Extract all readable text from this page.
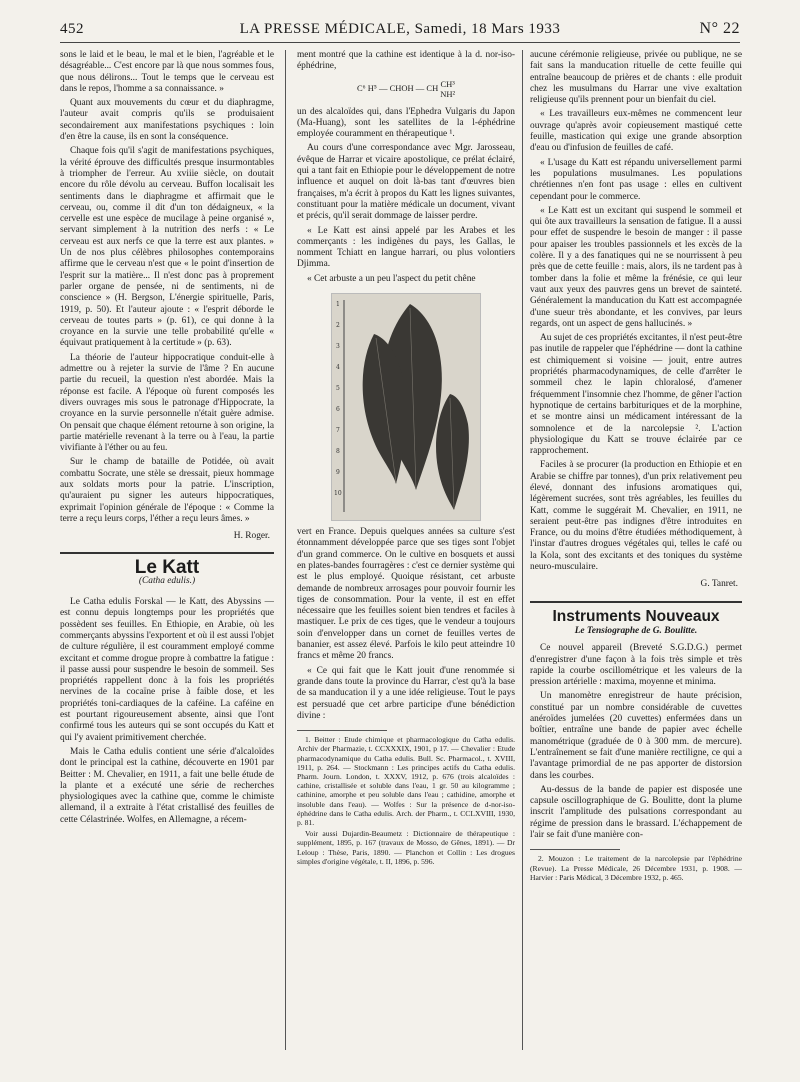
452	LA PRESSE MÉDICALE, Samedi, 18 Mars 1933	N° 22

sons le laid et le beau, le mal et le bien, l'agréable et le désagréable... C'est encore par là que nous sommes fous, que nous délirons... Tout le temps que le cerveau est dans le repos, l'homme a sa connaissance. »

Quant aux mouvements du cœur et du diaphragme, l'auteur avait compris qu'ils se produisaient secondairement aux manifestations psychiques : loin d'en être la cause, ils en sont la conséquence.

Chaque fois qu'il s'agit de manifestations psychiques, la vérité éprouve des difficultés presque insurmontables à triompher de l'erreur. Au xviiie siècle, on doutait encore du rôle dévolu au cerveau. Buffon localisait les sentiments dans le diaphragme et affirmait que le cerveau, ou, comme il dit d'un ton dédaigneux, « la cervelle est une espèce de mucilage à peine organisé », servant simplement à la nutrition des nerfs : « Le cerveau est aux nerfs ce que la terre est aux plantes. » Un de nos plus célèbres philosophes contemporains affirme que le cerveau n'est que « le point d'insertion de l'esprit sur la matière... Il n'est donc pas à proprement parler organe de pensée, ni de sentiments, ni de conscience » (H. Bergson, L'énergie spirituelle, Paris, 1919, p. 50). Et l'auteur ajoute : « l'esprit déborde le cerveau de toutes parts » (p. 61), ce qui donne à la croyance en la survie une telle probabilité qu'elle « équivaut pratiquement à la certitude » (p. 63).

La théorie de l'auteur hippocratique conduit-elle à admettre ou à rejeter la survie de l'âme ? En aucune partie du recueil, la question n'est abordée. Mais la réponse est facile. A l'époque où furent composés les divers ouvrages mis sous le patronage d'Hippocrate, la croyance en la survie personnelle n'était guère admise. On pensait que chaque élément retourne à son origine, la partie matérielle revenant à la terre ou à l'eau, la partie vivifiante à l'éther ou au feu.

Sur le champ de bataille de Potidée, où avait combattu Socrate, une stèle se dressait, pieux hommage aux soldats morts pour la patrie. L'inscription, qu'auraient pu signer les auteurs hippocratiques, exprimait l'opinion générale de l'époque : « Comme la terre a reçu leurs corps, l'éther a reçu leurs âmes. »

H. Roger.

Le Katt

(Catha edulis.)

Le Catha edulis Forskal — le Katt, des Abyssins — est connu depuis longtemps pour les propriétés que possèdent ses feuilles. En Ethiopie, en Arabie, où les commerçants abyssins l'exportent et où il est aussi l'objet de culture régulière, il est couramment employé comme excitant et comme drogue propre à combattre la fatigue : il passe aussi pour suspendre le besoin de sommeil. Ses propriétés rappellent donc à la fois les propriétés nervines de la cocaïne prise à faible dose, et les propriétés toni-cardiaques de la caféine. La caféine en est pourtant rigoureusement absente, ainsi que l'ont confirmé tous les auteurs qui se sont occupés du Katt et qui l'y avaient primitivement cherchée.

Mais le Catha edulis contient une série d'alcaloïdes dont le principal est la cathine, découverte en 1901 par Beitter : M. Chevalier, en 1911, a fait une belle étude de la plante et a exécuté une série de recherches physiologiques avec la cathine que, comme le chimiste allemand, il a extraite à l'état cristallisé des feuilles de cette Célastrinée. Wolfes, en Allemagne, a récem-

ment montré que la cathine est identique à la d. nor-iso-éphédrine,

C⁶ H⁵ — CHOH — CH CH³
NH²

un des alcaloïdes qui, dans l'Ephedra Vulgaris du Japon (Ma-Huang), sont les satellites de la l-éphédrine employée couramment en thérapeutique ¹.

Au cours d'une correspondance avec Mgr. Jarosseau, évêque de Harrar et vicaire apostolique, ce prélat éclairé, qui a tant fait en Ethiopie pour le développement de notre influence et auquel on doit là-bas tant d'œuvres bien françaises, m'a écrit à propos du Katt les lignes suivantes, constituant pour la matière médicale un document, vivant et précis, qu'il serait dommage de laisser perdre.

« Le Katt est ainsi appelé par les Arabes et les commerçants : les indigènes du pays, les Gallas, le nomment Tchiatt en langue harrari, ou plus volontiers Djimma.

« Cet arbuste a un peu l'aspect du petit chêne

1
2
3
4
5
6
7
8
9
10

vert en France. Depuis quelques années sa culture s'est étonnamment développée parce que ses tiges sont l'objet d'un grand commerce. On le cultive en bosquets et aussi en plates-bandes fourragères : c'est ce dernier système qui est le plus employé. Quoique résistant, cet arbuste demande de nombreux arrosages pour pouvoir fournir les tiges de consommation. Pour la vente, il est en effet nécessaire que les feuilles soient bien tendres et faciles à mastiquer. Le prix de ces tiges, que le vendeur a toujours soin d'envelopper dans un cornet de feuilles vertes de bananier, est assez élevé. Parfois le kilo peut atteindre 10 francs et même 20 francs.

« Ce qui fait que le Katt jouit d'une renommée si grande dans toute la province du Harrar, c'est qu'à la base de sa manducation il y a une idée religieuse. Tout le pays est persuadé que cet arbre participe d'une bénédiction divine :

1. Beitter : Etude chimique et pharmacologique du Catha edulis. Archiv der Pharmazie, t. CCXXXIX, 1901, p 17. — Chevalier : Etude pharmacodynamique du Catha edulis. Bull. Sc. Pharmacol., t. XVIII, 1911, p. 264. — Stockmann : Les principes actifs du Catha edulis. Pharm. Journ. London, t. XXXV, 1912, p. 676 (trois alcaloïdes : cathine, cristallisée et soluble dans l'eau, 1 gr. 50 au kilogramme ; cathinine, amorphe et peu soluble dans l'eau ; cathidine, amorphe et insoluble dans l'eau). — Wolfes : Sur la présence de d-nor-iso-éphédrine dans le Catha edulis. Arch. der Pharm., t. CCLXVIII, 1930, p. 81.

Voir aussi Dujardin-Beaumetz : Dictionnaire de thérapeutique : supplément, 1895, p. 167 (travaux de Mosso, de Gênes, 1891). — Dr Leloup : Thèse, Paris, 1890. — Planchon et Collin : Les drogues simples d'origine végétale, t. II, 1896, p. 596.

aucune cérémonie religieuse, privée ou publique, ne se fait sans la manducation rituelle de cette feuille qui entraîne beaucoup de prières et de chants : elle produit chez les musulmans du Harrar une vive exaltation religieuse qu'ils prennent pour un bienfait du ciel.

« Les travailleurs eux-mêmes ne commencent leur ouvrage qu'après avoir copieusement mastiqué cette feuille, mastication qui exige une grande absorption d'eau ou d'infusion de feuilles de café.

« L'usage du Katt est répandu universellement parmi les populations musulmanes. Les populations chrétiennes n'en font pas usage : elles en cultivent cependant pour le commerce.

« Le Katt est un excitant qui suspend le sommeil et qui ôte aux travailleurs la sensation de fatigue. Il a aussi pour effet de suspendre le besoin de manger : il passe pour apaiser les troubles passionnels et les excès de la colère. Il y a des fanatiques qui ne se nourrissent à peu près que de cette feuille : mais, alors, ils ne tardent pas à tomber dans la folie et même la frénésie, ce qui leur vaut aux yeux des pauvres gens un brevet de sainteté. Généralement la manducation du Katt est accompagnée d'une sueur très abondante, et les convives, par leurs regards, ont un aspect de gens hallucinés. »

Au sujet de ces propriétés excitantes, il n'est peut-être pas inutile de rappeler que l'éphédrine — dont la cathine est chimiquement si voisine — jouit, entre autres propriétés pharmacodynamiques, de celle d'arrêter le sommeil chez le lapin chloralosé, d'amener fréquemment l'insomnie chez l'homme, de gêner l'action hypnotique de certains barbituriques et de la morphine, et se montre ainsi un médicament intéressant de la somnolence et de la narcolepsie ². L'action physiologique du Katt se trouve éclairée par ce rapprochement.

Faciles à se procurer (la production en Ethiopie et en Arabie se chiffre par tonnes), d'un prix relativement peu élevé, donnant des infusions aromatiques qui, légèrement sucrées, sont très agréables, les feuilles du Katt, comme le suggérait M. Chevalier, en 1911, ne seraient peut-être pas indignes d'être introduites en France, ou du moins d'être étudiées méthodiquement, à l'instar d'autres drogues végétales qui, telles le café ou la Kola, sont des excitants et des toniques du système neuro-musculaire.

G. Tanret.

Instruments Nouveaux

Le Tensiographe de G. Boulitte.

Ce nouvel appareil (Breveté S.G.D.G.) permet d'enregistrer d'une façon à la fois très simple et très rapide la courbe oscillométrique et les valeurs de la pression artérielle : maxima, moyenne et minima.

Un manomètre enregistreur de haute précision, constitué par un nombre considérable de cuvettes anéroïdes jumelées (20 cuvettes) enfermées dans un boîtier, entraîne une bande de papier avec échelle manométrique (graduée de 0 à 300 mm. de mercure). L'entraînement se fait d'une manière rectiligne, ce qui a l'avantage primordial de ne pas apporter de distorsion dans les courbes.

Au-dessus de la bande de papier est disposée une capsule oscillographique de G. Boulitte, dont la plume inscrit l'amplitude des pulsations correspondant au régime de pression dans le brassard. L'échappement de l'air se fait d'une manière con-

2. Mouzon : Le traitement de la narcolepsie par l'éphédrine (Revue). La Presse Médicale, 26 Décembre 1931, p. 1908. — Harvier : Paris Médical, 3 Décembre 1932, p. 465.
